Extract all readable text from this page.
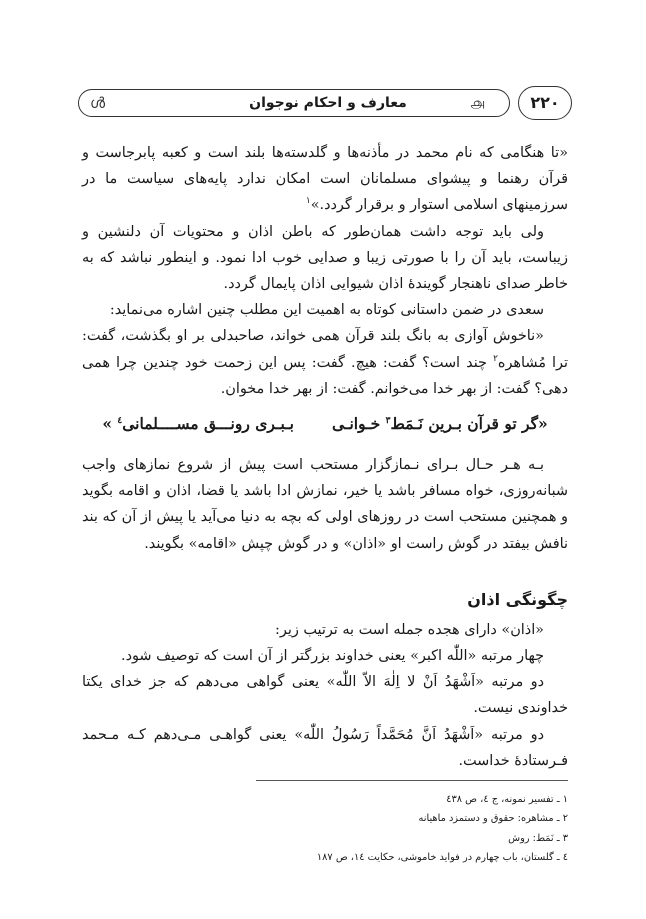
ൾ	معارف و احکام نوجوان	௮	۲۲۰

«تا هنگامی که نام محمد در مأذنه‌ها و گلدسته‌ها بلند است و کعبه پابرجاست و قرآن رهنما و پیشوای مسلمانان است امکان ندارد پایه‌های سیاست ما در سرزمینهای اسلامی استوار و برقرار گردد.»$^۱$

ولی باید توجه داشت همان‌طور که باطن اذان و محتویات آن دلنشین و زیباست، باید آن را با صورتی زیبا و صدایی خوب ادا نمود. و اینطور نباشد که به خاطر صدای ناهنجار گویندهٔ اذان شیوایی اذان پایمال گردد.

سعدی در ضمن داستانی کوتاه به اهمیت این مطلب چنین اشاره می‌نماید:

«ناخوش آوازی به بانگ بلند قرآن همی خواند، صاحبدلی بر او بگذشت، گفت: ترا مُشاهره$^۲$ چند است؟ گفت: هیچ. گفت: پس این زحمت خود چندین چرا همی دهی؟ گفت: از بهر خدا می‌خوانم. گفت: از بهر خدا مخوان.

«گر تو قرآن بـرین نَـمَط$^۳$ خـوانـیبـبـری رونـــق مســــلمانی$^٤$ »

بـه هـر حـال بـرای نـمازگزار مستحب است پیش از شروع نمازهای واجب شبانه‌روزی، خواه مسافر باشد یا خیر، نمازش ادا باشد یا قضا، اذان و اقامه بگوید و همچنین مستحب است در روزهای اولی که بچه به دنیا می‌آید یا پیش از آن که بند نافش بیفتد در گوش راست او «اذان» و در گوش چپش «اقامه» بگویند.

چگونگی اذان

«اذان» دارای هجده جمله است به ترتیب زیر:

چهار مرتبه «اللّٰه اکبر» یعنی خداوند بزرگتر از آن است که توصیف شود.

دو مرتبه «اَشْهَدُ اَنْ لا اِلٰهَ الاّ اللّٰه» یعنی گواهی می‌دهم که جز خدای یکتا خداوندی نیست.

دو مرتبه «اَشْهَدُ اَنَّ مُحَمَّداً رَسُولُ اللّٰه» یعنی گواهـی مـی‌دهم کـه مـحمد فـرستادهٔ خداست.

۱ ـ تفسیر نمونه، ج ٤، ص ٤٣٨

۲ ـ مشاهره: حقوق و دستمزد ماهیانه

۳ ـ نَمَط: روش

٤ ـ گلستان، باب چهارم در فواید خاموشی، حکایت ١٤، ص ١٨٧
